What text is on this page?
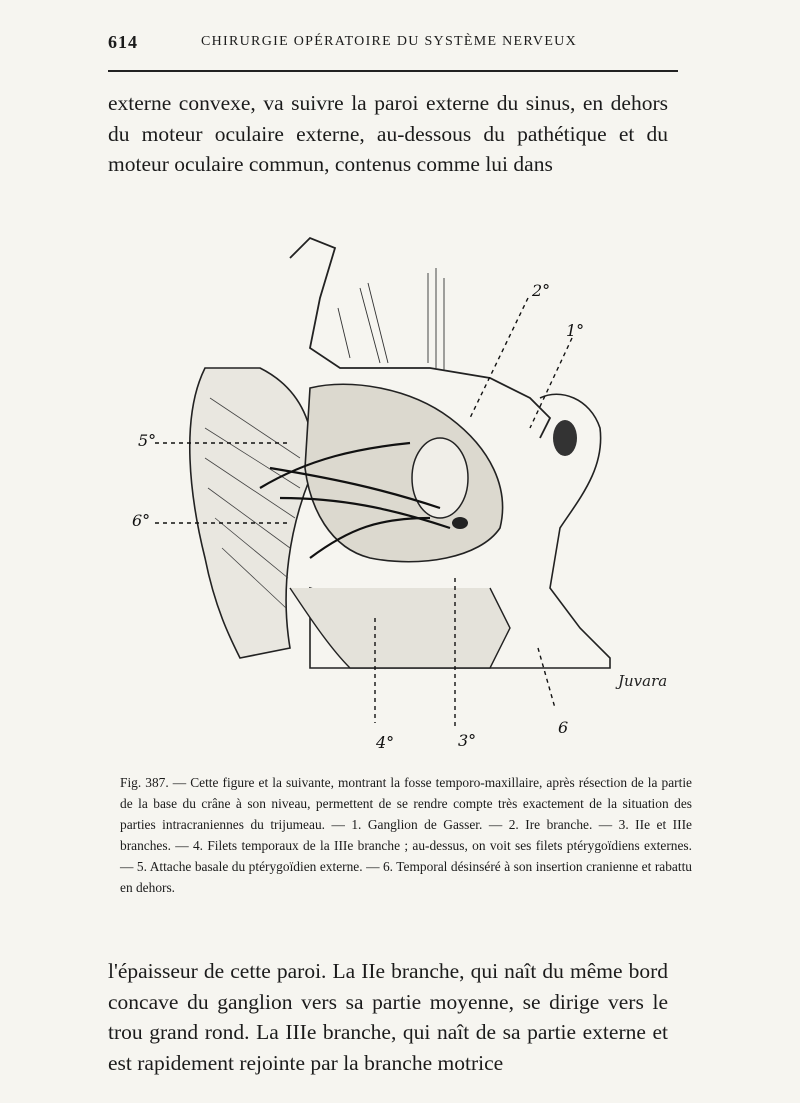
614	CHIRURGIE OPÉRATOIRE DU SYSTÈME NERVEUX

externe convexe, va suivre la paroi externe du sinus, en dehors du moteur oculaire externe, au-dessous du pathétique et du moteur oculaire commun, contenus comme lui dans

2°
1°
5°
6°
4°	3°
6
Juvara

Fig. 387. — Cette figure et la suivante, montrant la fosse temporo-maxillaire, après résection de la partie de la base du crâne à son niveau, permettent de se rendre compte très exactement de la situation des parties intracraniennes du trijumeau. — 1. Ganglion de Gasser. — 2. Ire branche. — 3. IIe et IIIe branches. — 4. Filets temporaux de la IIIe branche ; au-dessus, on voit ses filets ptérygoïdiens externes. — 5. Attache basale du ptérygoïdien externe. — 6. Temporal désinséré à son insertion cranienne et rabattu en dehors.

l'épaisseur de cette paroi. La IIe branche, qui naît du même bord concave du ganglion vers sa partie moyenne, se dirige vers le trou grand rond. La IIIe branche, qui naît de sa partie externe et est rapidement rejointe par la branche motrice
